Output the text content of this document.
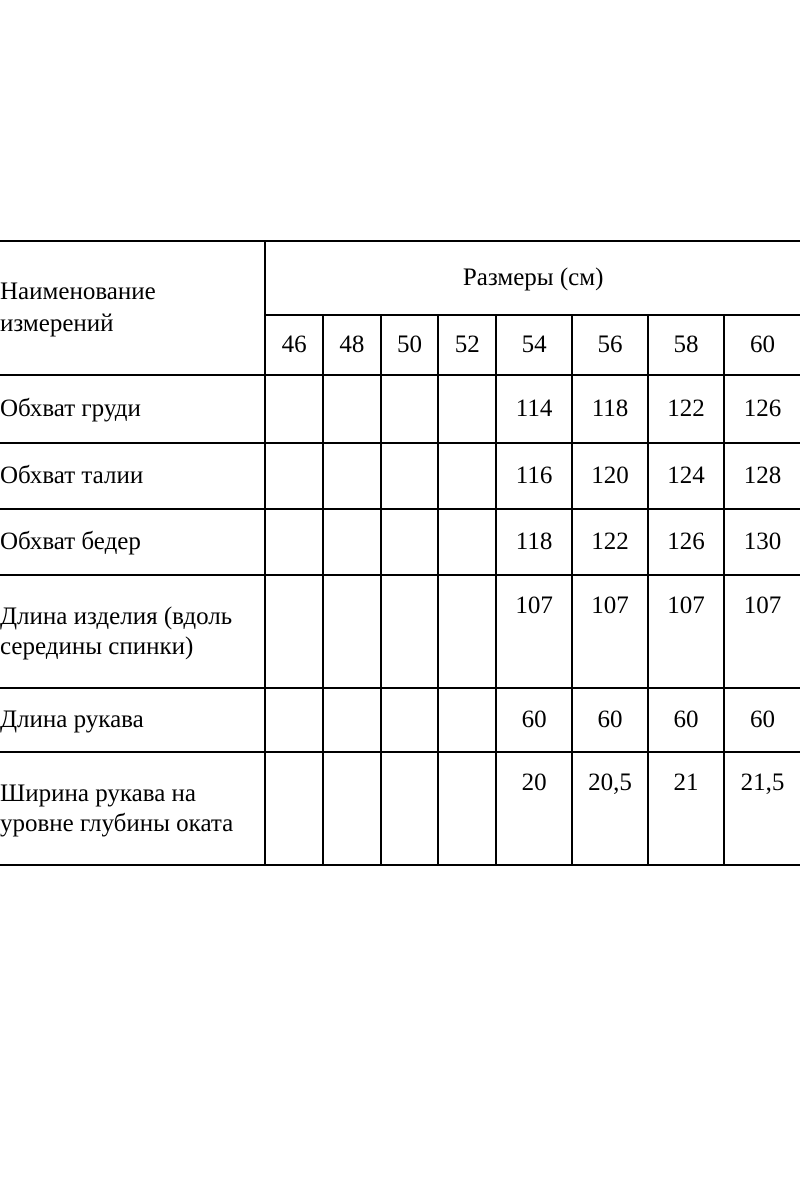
Наименование измерений	Размеры (см)							
	46	48	50	52	54	56	58	60
Обхват груди					114	118	122	126
Обхват талии					116	120	124	128
Обхват бедер					118	122	126	130
Длина изделия (вдоль середины спинки)					107	107	107	107
Длина рукава					60	60	60	60
Ширина рукава на уровне глубины оката					20	20,5	21	21,5
